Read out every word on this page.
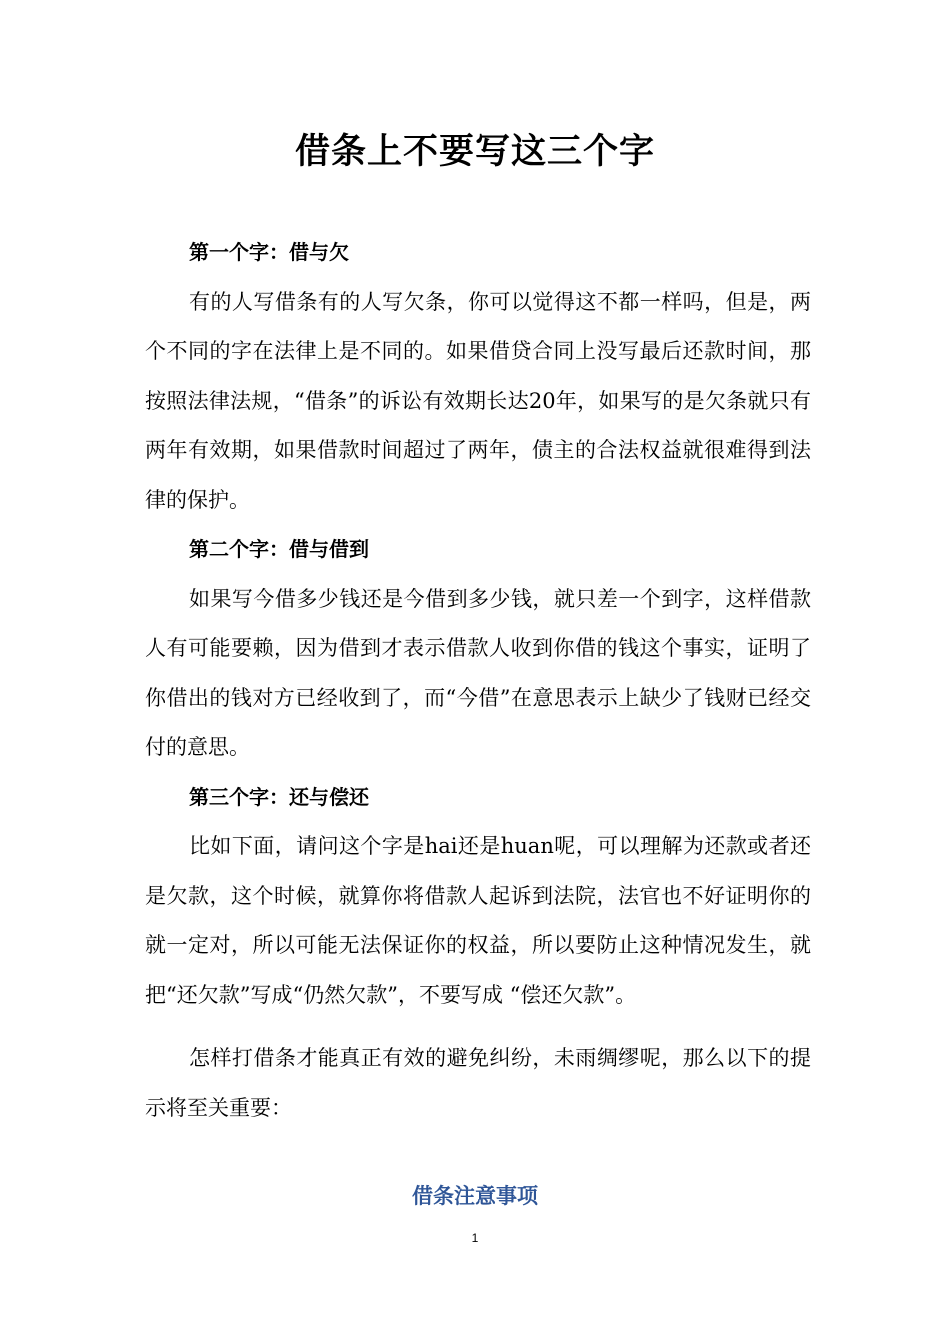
借条上不要写这三个字

第一个字：借与欠

有的人写借条有的人写欠条，你可以觉得这不都一样吗，但是，两个不同的字在法律上是不同的。如果借贷合同上没写最后还款时间，那按照法律法规，“借条”的诉讼有效期长达20年，如果写的是欠条就只有两年有效期，如果借款时间超过了两年，债主的合法权益就很难得到法律的保护。

第二个字：借与借到

如果写今借多少钱还是今借到多少钱，就只差一个到字，这样借款人有可能要赖，因为借到才表示借款人收到你借的钱这个事实，证明了你借出的钱对方已经收到了，而“今借”在意思表示上缺少了钱财已经交付的意思。

第三个字：还与偿还

比如下面，请问这个字是hai还是huan呢，可以理解为还款或者还是欠款，这个时候，就算你将借款人起诉到法院，法官也不好证明你的就一定对，所以可能无法保证你的权益，所以要防止这种情况发生，就把“还欠款”写成“仍然欠款”，不要写成 “偿还欠款”。

怎样打借条才能真正有效的避免纠纷，未雨绸缪呢，那么以下的提示将至关重要：

借条注意事项
1
